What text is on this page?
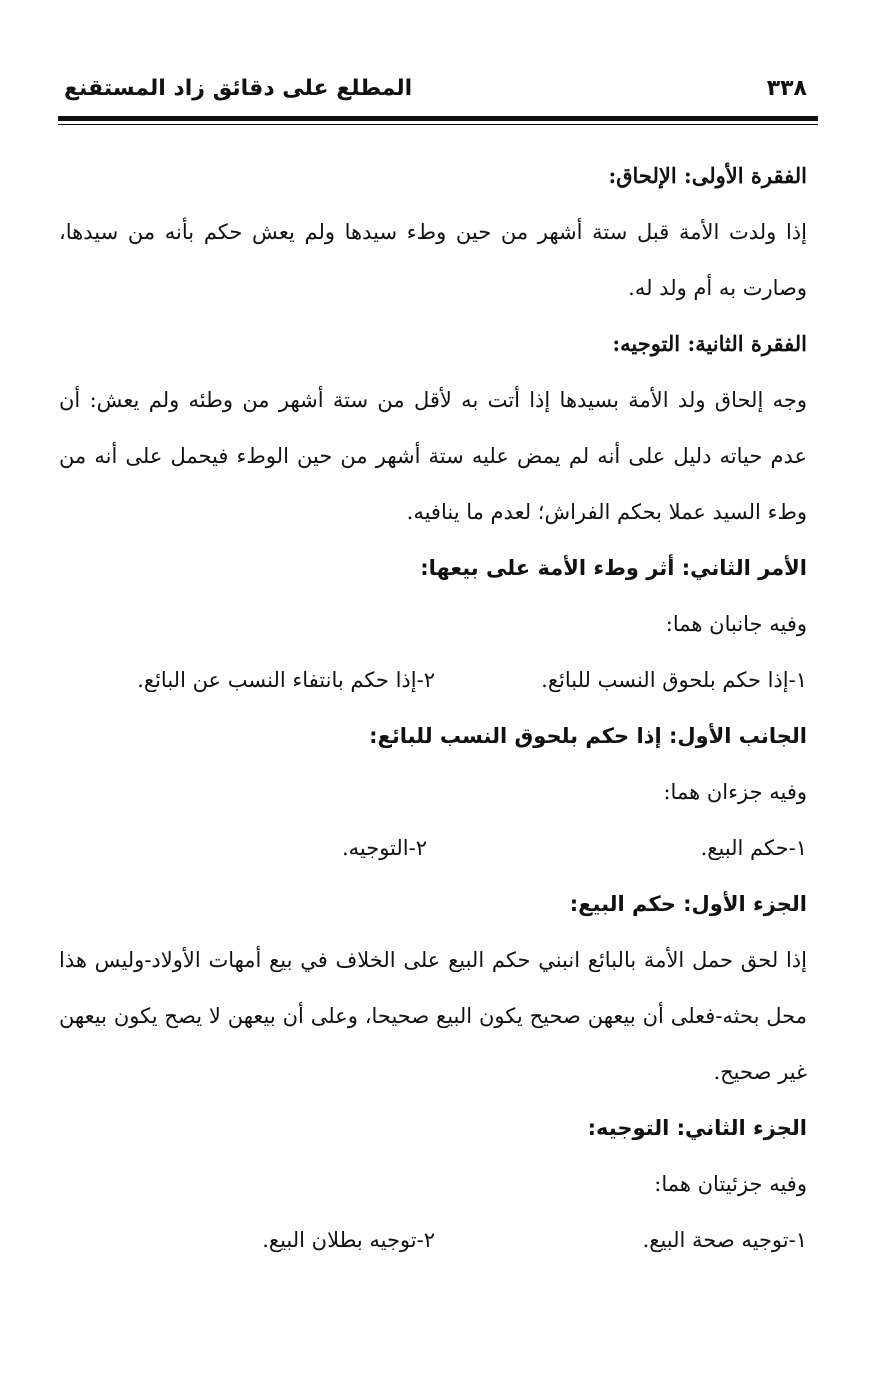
٣٣٨
المطلع على دقائق زاد المستقنع

الفقرة الأولى: الإلحاق:

إذا ولدت الأمة قبل ستة أشهر من حين وطء سيدها ولم يعش حكم بأنه من سيدها، وصارت به أم ولد له.

الفقرة الثانية: التوجيه:

وجه إلحاق ولد الأمة بسيدها إذا أتت به لأقل من ستة أشهر من وطئه ولم يعش: أن عدم حياته دليل على أنه لم يمض عليه ستة أشهر من حين الوطء فيحمل على أنه من وطء السيد عملا بحكم الفراش؛ لعدم ما ينافيه.

الأمر الثاني: أثر وطء الأمة على بيعها:

وفيه جانبان هما:

١-إذا حكم بلحوق النسب للبائع.
٢-إذا حكم بانتفاء النسب عن البائع.

الجانب الأول: إذا حكم بلحوق النسب للبائع:

وفيه جزءان هما:

١-حكم البيع.
٢-التوجيه.

الجزء الأول: حكم البيع:

إذا لحق حمل الأمة بالبائع انبني حكم البيع على الخلاف في بيع أمهات الأولاد-وليس هذا محل بحثه-فعلى أن بيعهن صحيح يكون البيع صحيحا، وعلى أن بيعهن لا يصح يكون بيعهن غير صحيح.

الجزء الثاني: التوجيه:

وفيه جزئيتان هما:

١-توجيه صحة البيع.
٢-توجيه بطلان البيع.
